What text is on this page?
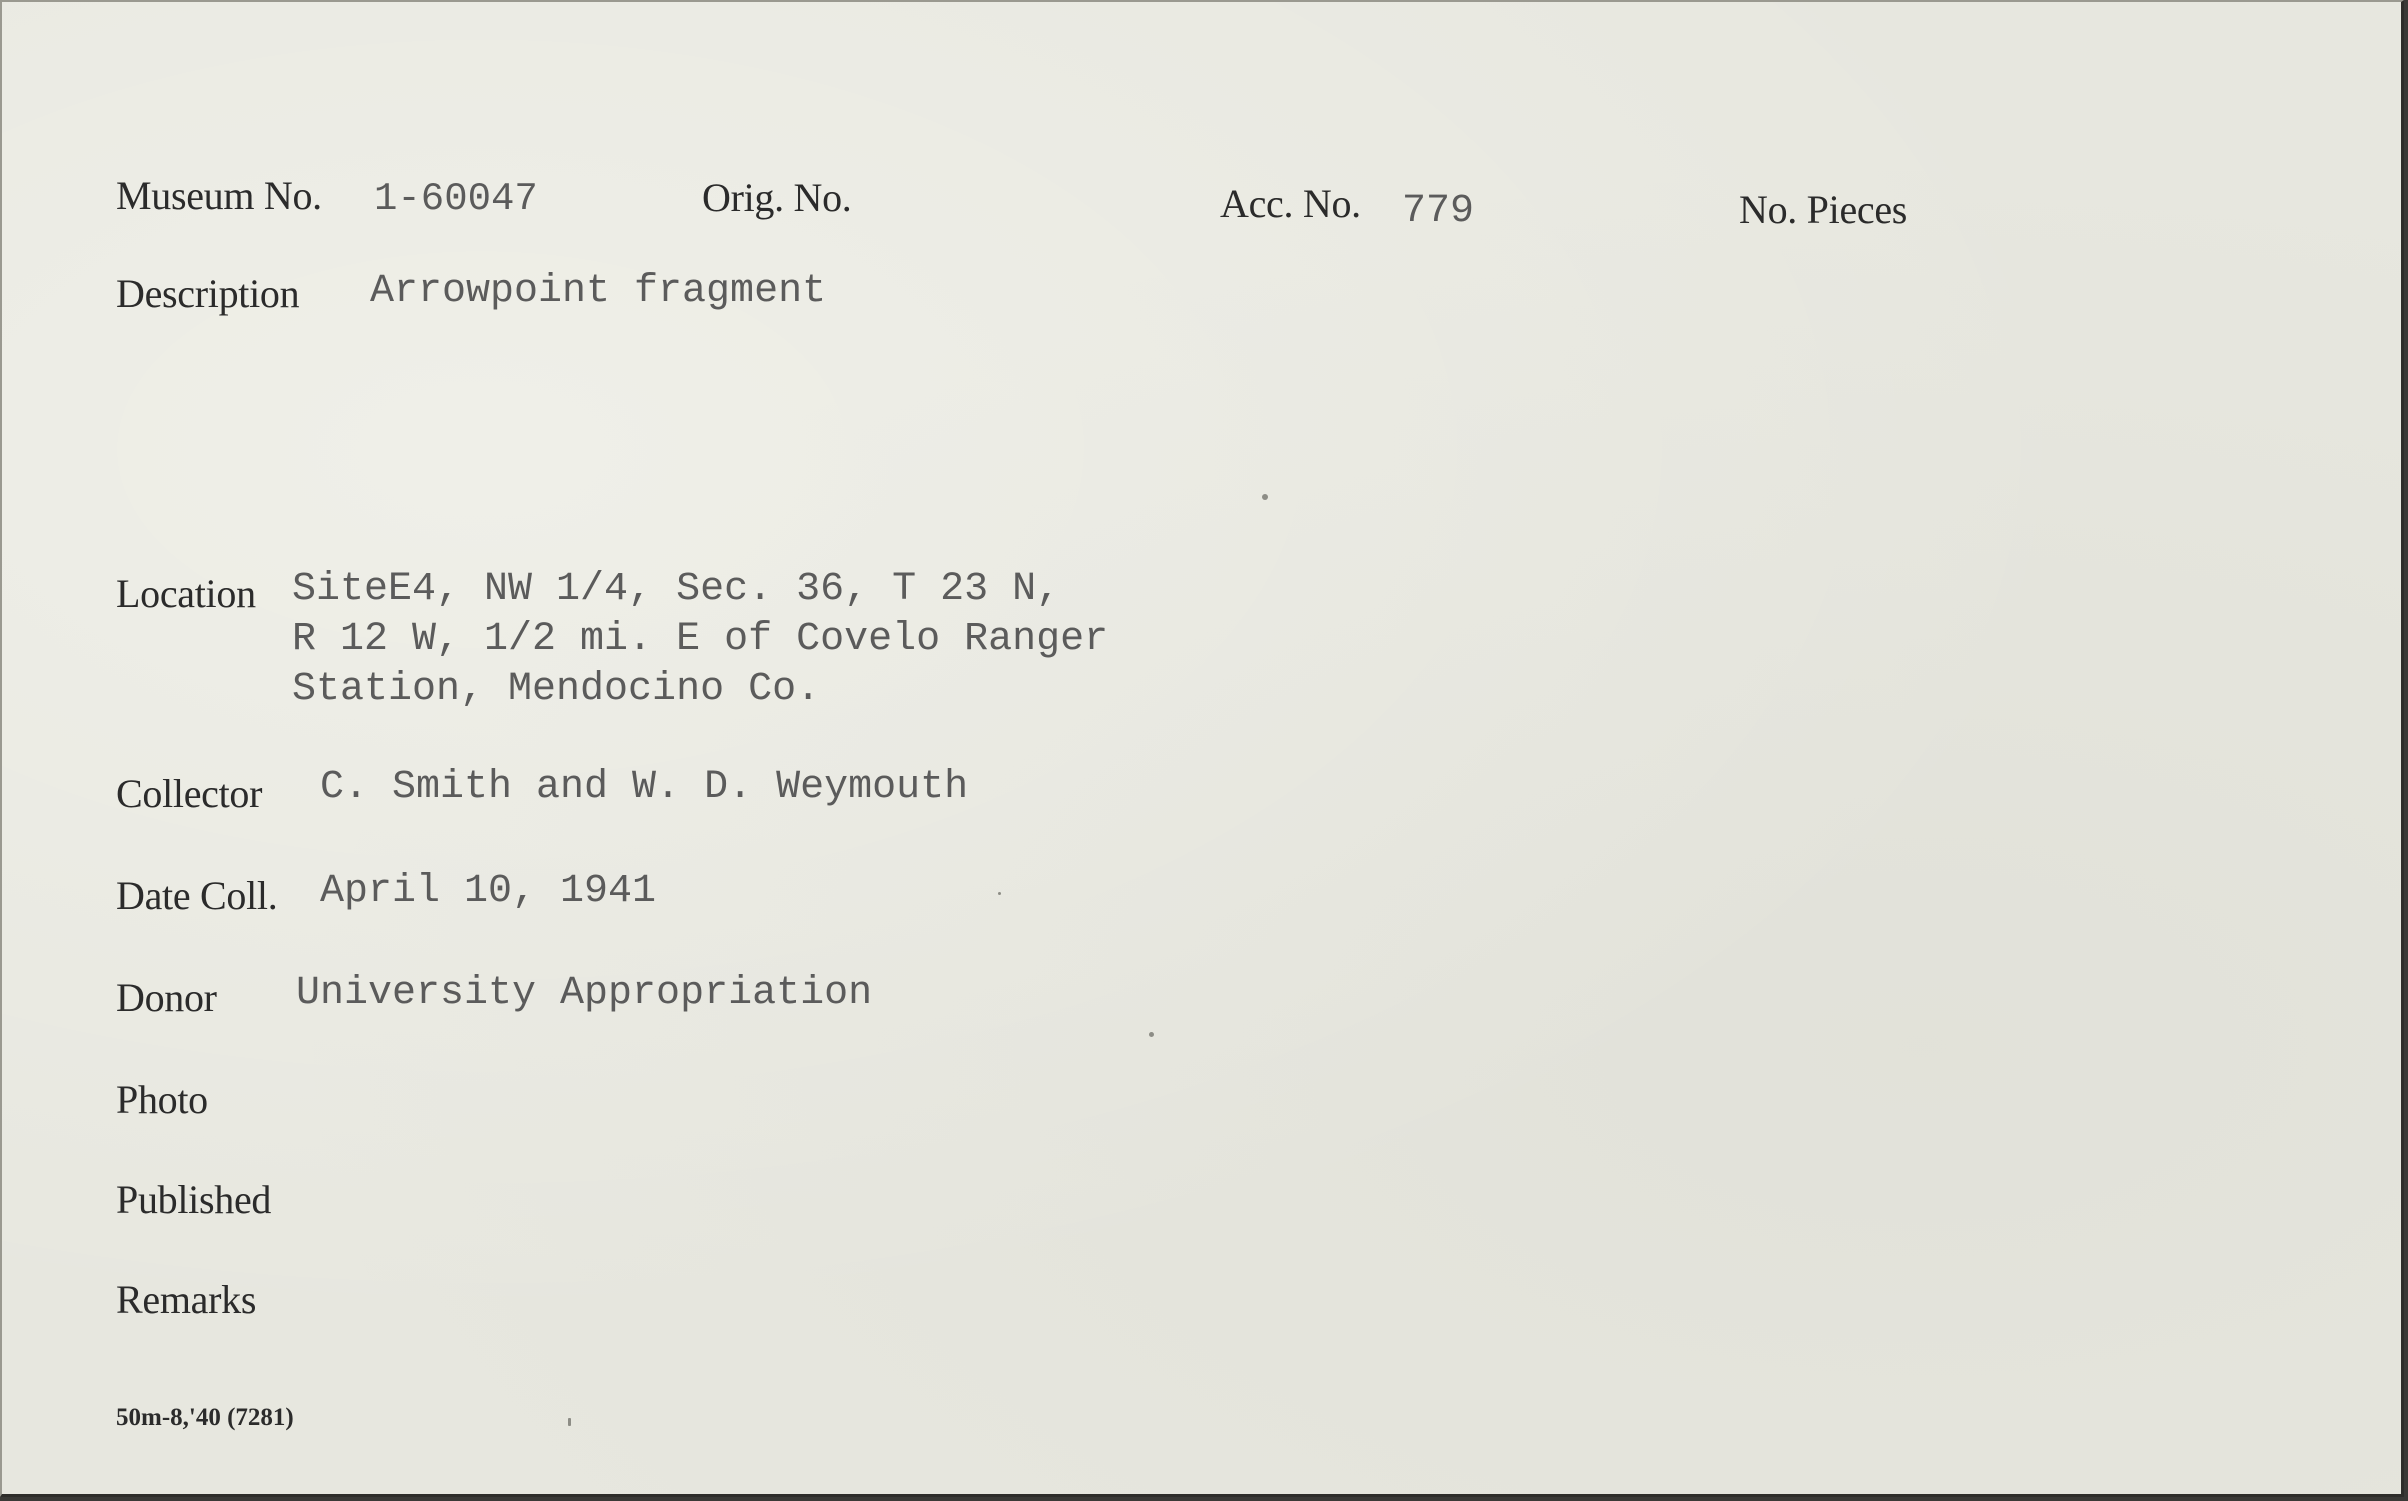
Museum No. 1-60047	Orig. No.	Acc. No. 779	No. Pieces
Description Arrowpoint fragment
Location SiteE4, NW 1/4, Sec. 36, T 23 N,
R 12 W, 1/2 mi. E of Covelo Ranger
Station, Mendocino Co.
Collector C. Smith and W. D. Weymouth
Date Coll. April 10, 1941
Donor University Appropriation
Photo
Published
Remarks
50m-8,'40 (7281)
